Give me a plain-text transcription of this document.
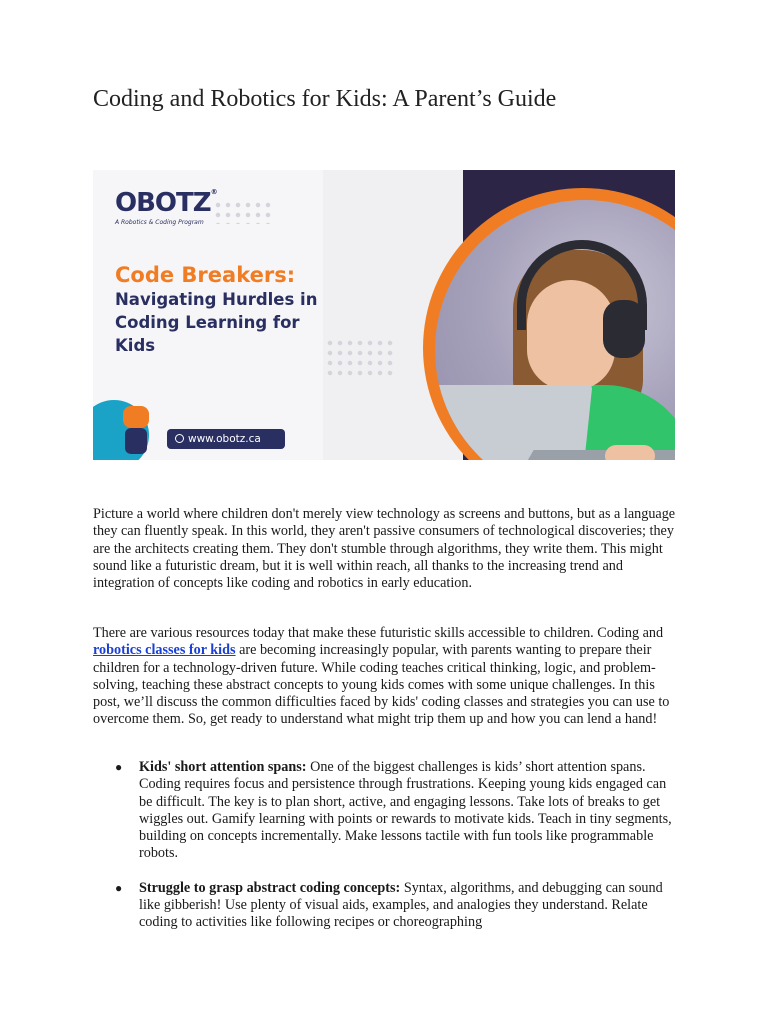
Coding and Robotics for Kids: A Parent’s Guide
OBOTZ®
A Robotics & Coding Program
Code Breakers:
Navigating Hurdles in
Coding Learning for
Kids
www.obotz.ca

Picture a world where children don't merely view technology as screens and buttons, but as a language they can fluently speak. In this world, they aren't passive consumers of technological discoveries; they are the architects creating them. They don't stumble through algorithms, they write them. This might sound like a futuristic dream, but it is well within reach, all thanks to the increasing trend and integration of concepts like coding and robotics in early education.

There are various resources today that make these futuristic skills accessible to children. Coding and robotics classes for kids are becoming increasingly popular, with parents wanting to prepare their children for a technology-driven future. While coding teaches critical thinking, logic, and problem-solving, teaching these abstract concepts to young kids comes with some unique challenges. In this post, we’ll discuss the common difficulties faced by kids' coding classes and strategies you can use to overcome them. So, get ready to understand what might trip them up and how you can lend a hand!

● Kids' short attention spans: One of the biggest challenges is kids’ short attention spans. Coding requires focus and persistence through frustrations. Keeping young kids engaged can be difficult. The key is to plan short, active, and engaging lessons. Take lots of breaks to get wiggles out. Gamify learning with points or rewards to motivate kids. Teach in tiny segments, building on concepts incrementally. Make lessons tactile with fun tools like programmable robots.
● Struggle to grasp abstract coding concepts: Syntax, algorithms, and debugging can sound like gibberish! Use plenty of visual aids, examples, and analogies they understand. Relate coding to activities like following recipes or choreographing
